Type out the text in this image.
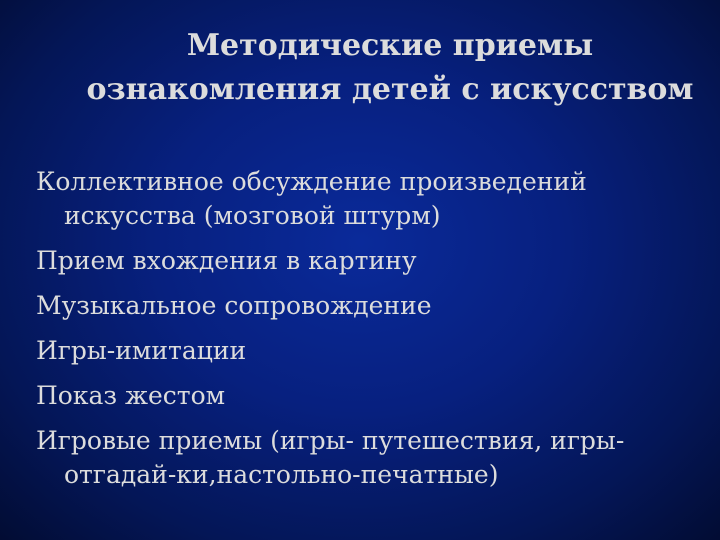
Методические приемы
ознакомления детей с искусством
Коллективное обсуждение произведений
искусства (мозговой штурм)
Прием вхождения в картину
Музыкальное сопровождение
Игры-имитации
Показ жестом
Игровые приемы (игры- путешествия, игры-
отгадай-ки,настольно-печатные)
